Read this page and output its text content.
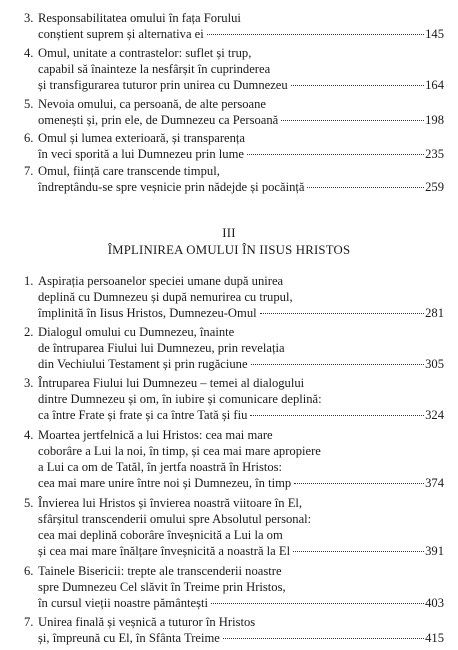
3. Responsabilitatea omului în fața Forului
conștient suprem și alternativa ei	145
4. Omul, unitate a contrastelor: suflet și trup,
capabil să înainteze la nesfârșit în cuprinderea
și transfigurarea tuturor prin unirea cu Dumnezeu	164
5. Nevoia omului, ca persoană, de alte persoane
omenești și, prin ele, de Dumnezeu ca Persoană	198
6. Omul și lumea exterioară, și transparența
în veci sporită a lui Dumnezeu prin lume	235
7. Omul, ființă care transcende timpul,
îndreptându-se spre veșnicie prin nădejde și pocăință	259
III
ÎMPLINIREA OMULUI ÎN IISUS HRISTOS
1. Aspirația persoanelor speciei umane după unirea
deplină cu Dumnezeu și după nemurirea cu trupul,
împlinită în Iisus Hristos, Dumnezeu-Omul	281
2. Dialogul omului cu Dumnezeu, înainte
de întruparea Fiului lui Dumnezeu, prin revelația
din Vechiului Testament și prin rugăciune	305
3. Întruparea Fiului lui Dumnezeu – temei al dialogului
dintre Dumnezeu și om, în iubire și comunicare deplină:
ca între Frate și frate și ca între Tată și fiu	324
4. Moartea jertfelnică a lui Hristos: cea mai mare
coborâre a Lui la noi, în timp, și cea mai mare apropiere
a Lui ca om de Tatăl, în jertfa noastră în Hristos:
cea mai mare unire între noi și Dumnezeu, în timp	374
5. Învierea lui Hristos și învierea noastră viitoare în El,
sfârșitul transcenderii omului spre Absolutul personal:
cea mai deplină coborâre înveșnicită a Lui la om
și cea mai mare înălțare înveșnicită a noastră la El	391
6. Tainele Bisericii: trepte ale transcenderii noastre
spre Dumnezeu Cel slăvit în Treime prin Hristos,
în cursul vieții noastre pământești	403
7. Unirea finală și veșnică a tuturor în Hristos
și, împreună cu El, în Sfânta Treime	415
